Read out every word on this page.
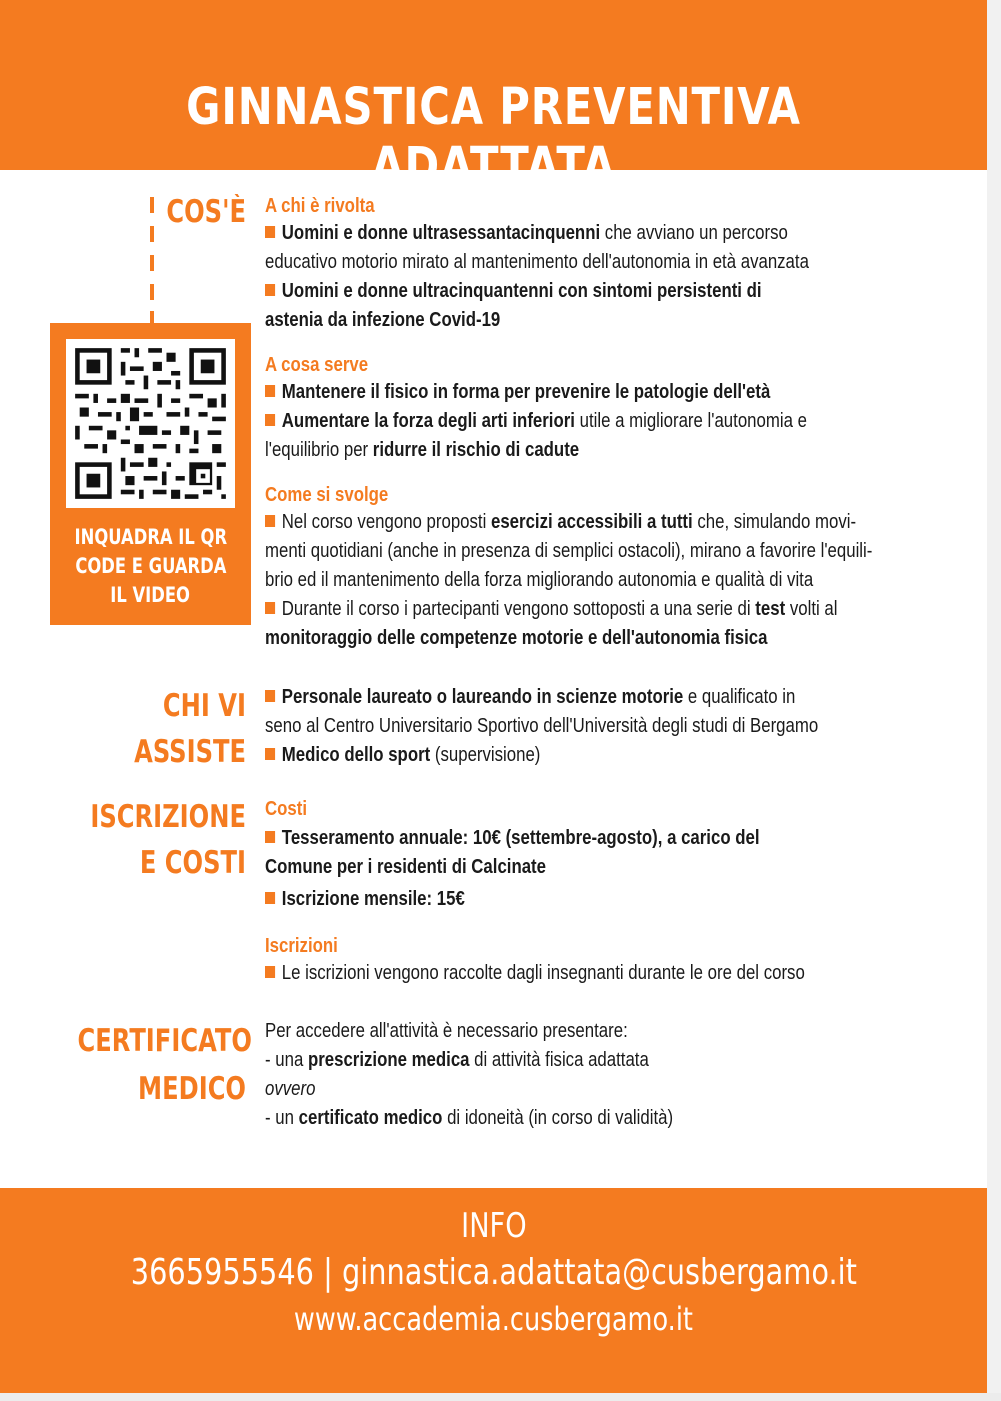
GINNASTICA PREVENTIVA ADATTATA
COS'È
INQUADRA IL QR
CODE E GUARDA
IL VIDEO
A chi è rivolta
Uomini e donne ultrasessantacinquenni che avviano un percorso
educativo motorio mirato al mantenimento dell'autonomia in età avanzata
Uomini e donne ultracinquantenni con sintomi persistenti di
astenia da infezione Covid-19
A cosa serve
Mantenere il fisico in forma per prevenire le patologie dell'età
Aumentare la forza degli arti inferiori utile a migliorare l'autonomia e
l'equilibrio per ridurre il rischio di cadute
Come si svolge
Nel corso vengono proposti esercizi accessibili a tutti che, simulando movi-
menti quotidiani (anche in presenza di semplici ostacoli), mirano a favorire l'equili-
brio ed il mantenimento della forza migliorando autonomia e qualità di vita
Durante il corso i partecipanti vengono sottoposti a una serie di test volti al
monitoraggio delle competenze motorie e dell'autonomia fisica
CHI VI
ASSISTE
Personale laureato o laureando in scienze motorie e qualificato in
seno al Centro Universitario Sportivo dell'Università degli studi di Bergamo
Medico dello sport (supervisione)
ISCRIZIONE
E COSTI
Costi
Tesseramento annuale: 10€ (settembre-agosto), a carico del
Comune per i residenti di Calcinate
Iscrizione mensile: 15€
Iscrizioni
Le iscrizioni vengono raccolte dagli insegnanti durante le ore del corso
CERTIFICATO
MEDICO
Per accedere all'attività è necessario presentare:
- una prescrizione medica di attività fisica adattata
ovvero
- un certificato medico di idoneità (in corso di validità)
INFO
3665955546 | ginnastica.adattata@cusbergamo.it
www.accademia.cusbergamo.it
